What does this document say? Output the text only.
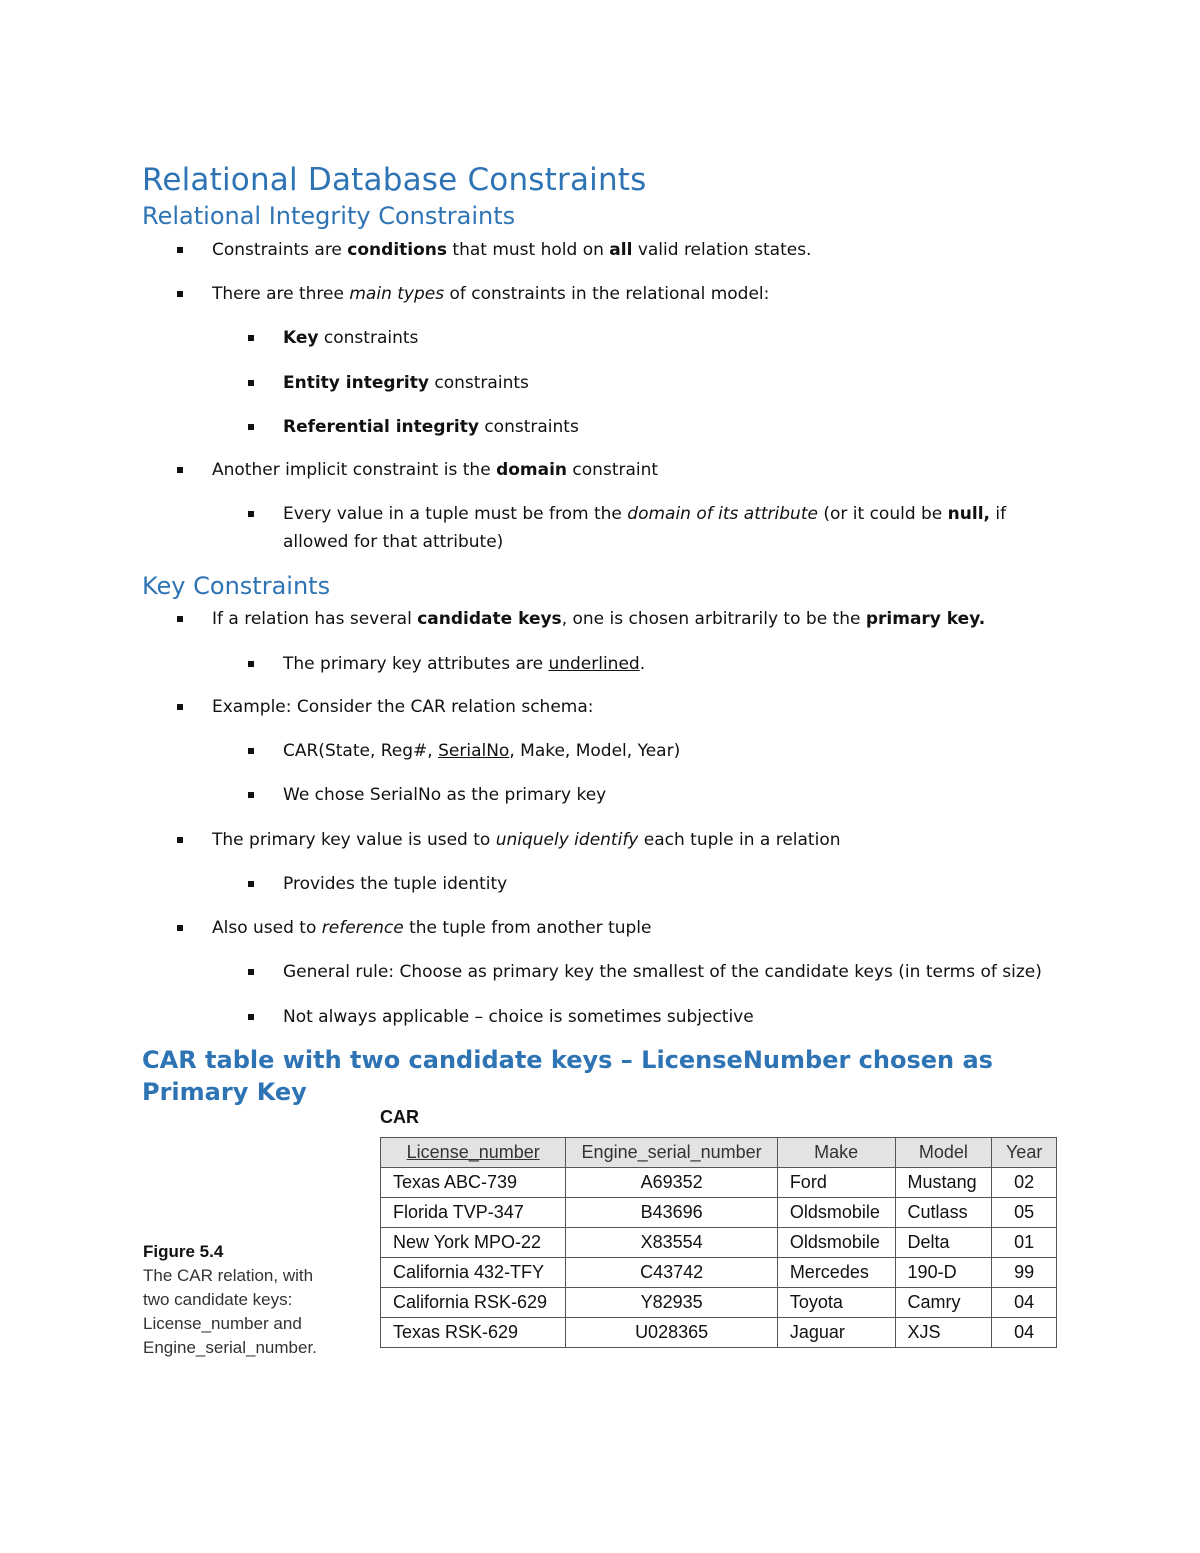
Relational Database Constraints
Relational Integrity Constraints
Constraints are conditions that must hold on all valid relation states.
There are three main types of constraints in the relational model:
Key constraints
Entity integrity constraints
Referential integrity constraints
Another implicit constraint is the domain constraint
Every value in a tuple must be from the domain of its attribute (or it could be null, if allowed for that attribute)
Key Constraints
If a relation has several candidate keys, one is chosen arbitrarily to be the primary key.
The primary key attributes are underlined.
Example: Consider the CAR relation schema:
CAR(State, Reg#, SerialNo, Make, Model, Year)
We chose SerialNo as the primary key
The primary key value is used to uniquely identify each tuple in a relation
Provides the tuple identity
Also used to reference the tuple from another tuple
General rule: Choose as primary key the smallest of the candidate keys (in terms of size)
Not always applicable – choice is sometimes subjective
CAR table with two candidate keys – LicenseNumber chosen as Primary Key
CAR
Figure 5.4
The CAR relation, with two candidate keys: License_number and Engine_serial_number.
License_number	Engine_serial_number	Make	Model	Year
Texas ABC-739	A69352	Ford	Mustang	02
Florida TVP-347	B43696	Oldsmobile	Cutlass	05
New York MPO-22	X83554	Oldsmobile	Delta	01
California 432-TFY	C43742	Mercedes	190-D	99
California RSK-629	Y82935	Toyota	Camry	04
Texas RSK-629	U028365	Jaguar	XJS	04
